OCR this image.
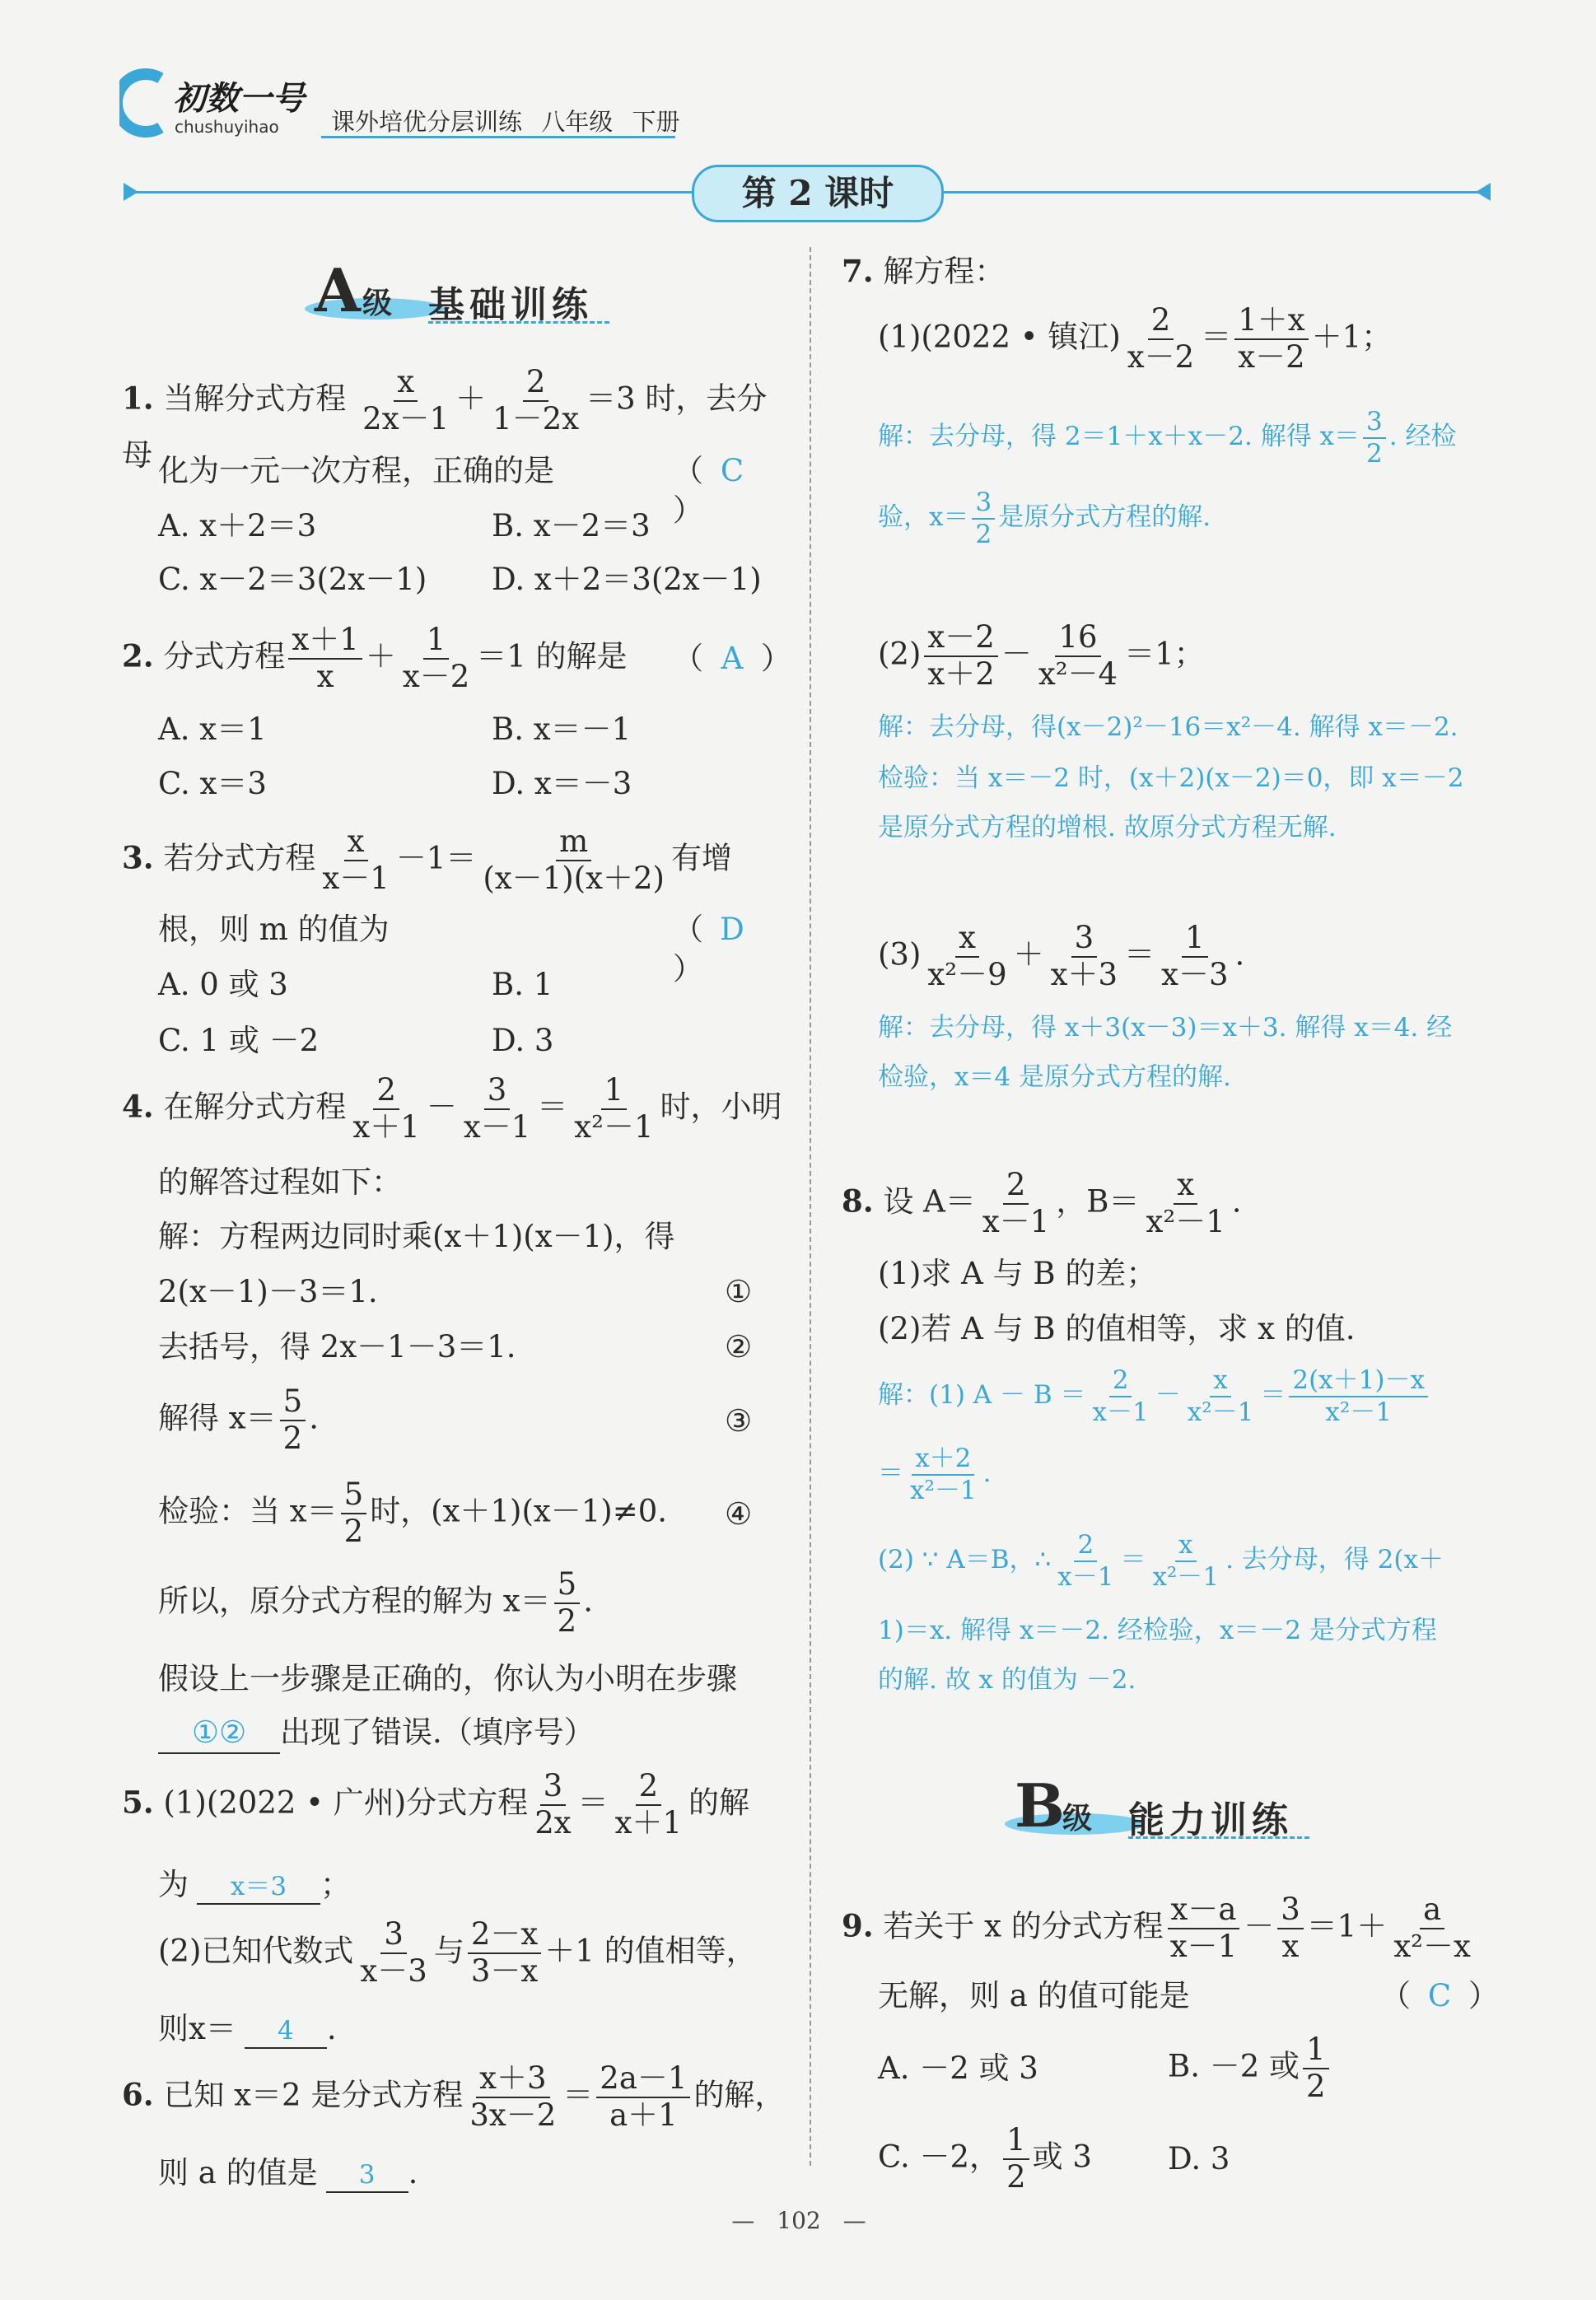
初数一号
chushuyihao 课外培优分层训练 八年级 下册
第 2 课时
A 级 基础训练
1. 当解分式方程 $\frac{x}{2x-1} + \frac{2}{1-2x} =3$ 时，去分母 化为一元一次方程，正确的是	（ C）
A. x＋2＝3	B. x－2＝3
C. x－2＝3(2x－1) D. x＋2＝3(2x－1)
2. 分式方程 $\frac{x+1}{x} + \frac{1}{x-2} =1$ 的解是 （ A ）
A. x＝1	B. x＝－1
C. x＝3	D. x＝－3
3. 若分式方程 $\frac{x}{x-1} -1= \frac{m}{(x-1)(x+2)}$ 有增
根，则 m 的值为	（ D）
A. 0 或 3	B. 1
C. 1 或 －2	D. 3
4. 在解分式方程 $\frac{2}{x+1} - \frac{3}{x-1} = \frac{1}{\text{x²－1}}$ 时，小明
的解答过程如下：
解：方程两边同时乘(x＋1)(x－1)，得
2(x－1)－3＝1.	①
去括号，得 2x－1－3＝1.	②
解得 $x= \frac{5}{2}$ .	③
检验：当 $x= \frac{5}{2}$ 时，(x＋1)(x－1)≠0. ④
所以，原分式方程的解为 $x= \frac{5}{2}$ .
假设上一步骤是正确的，你认为小明在步骤
①② 出现了错误.（填序号）
5. (1)(2022 • 广州)分式方程 $\frac{3}{2x} = \frac{2}{x+1}$ 的解
为 x＝3 ；
(2)已知代数式 $\frac{3}{x-3}$ 与 $\frac{2-x}{3-x} +1$ 的值相等，
则x＝ 4 .
6. 已知 x＝2 是分式方程 $\frac{x+3}{3x-2} = \frac{2a-1}{a+1}$ 的解，
则 a 的值是 3 .
7. 解方程：
(1)(2022 • 镇江) $\frac{2}{x-2} = \frac{1+x}{x-2} +1$；
解：去分母，得 2＝1＋x＋x－2. 解得 $x= \frac{3}{2}$ . 经检
验，$x= \frac{3}{2}$ 是原分式方程的解.
$(2) \frac{x-2}{x+2} - \frac{16}{\text{x²－4}} =1$；
解：去分母，得(x－2)²－16＝x²－4. 解得 x＝－2.
检验：当 x＝－2 时，(x＋2)(x－2)＝0，即 x＝－2
是原分式方程的增根. 故原分式方程无解.
$(3) \frac{x}{\text{x²－9}} + \frac{3}{x+3} = \frac{1}{x-3}$ .
解：去分母，得 x＋3(x－3)＝x＋3. 解得 x＝4. 经
检验，x＝4 是原分式方程的解.
8. 设 $A= \frac{2}{x-1}$ ，$B= \frac{x}{\text{x²－1}}$ .
(1)求 A 与 B 的差；
(2)若 A 与 B 的值相等，求 x 的值.
解：(1) $A - B = \frac{2}{x-1} - \frac{x}{\text{x²－1}} = \frac{2(x+1)-x}{\text{x²－1}}$
＝ $\frac{x+2}{\text{x²－1}}$ .
(2) ∵ A＝B，∴ $\frac{2}{x-1} = \frac{x}{\text{x²－1}}$ . 去分母，得 2(x＋
1)＝x. 解得 x＝－2. 经检验，x＝－2 是分式方程
的解. 故 x 的值为 －2.
B
级 能力训练
9. 若关于 x 的分式方程 $\frac{x-a}{x-1} - \frac{3}{x} =1+ \frac{a}{\text{x²－x}}$
无解，则 a 的值可能是	（ C ）
A. －2 或 3	B. －2 或 $\frac{1}{2}$
C. －2， $\frac{1}{2}$ 或 3 D. 3
— 102 —
